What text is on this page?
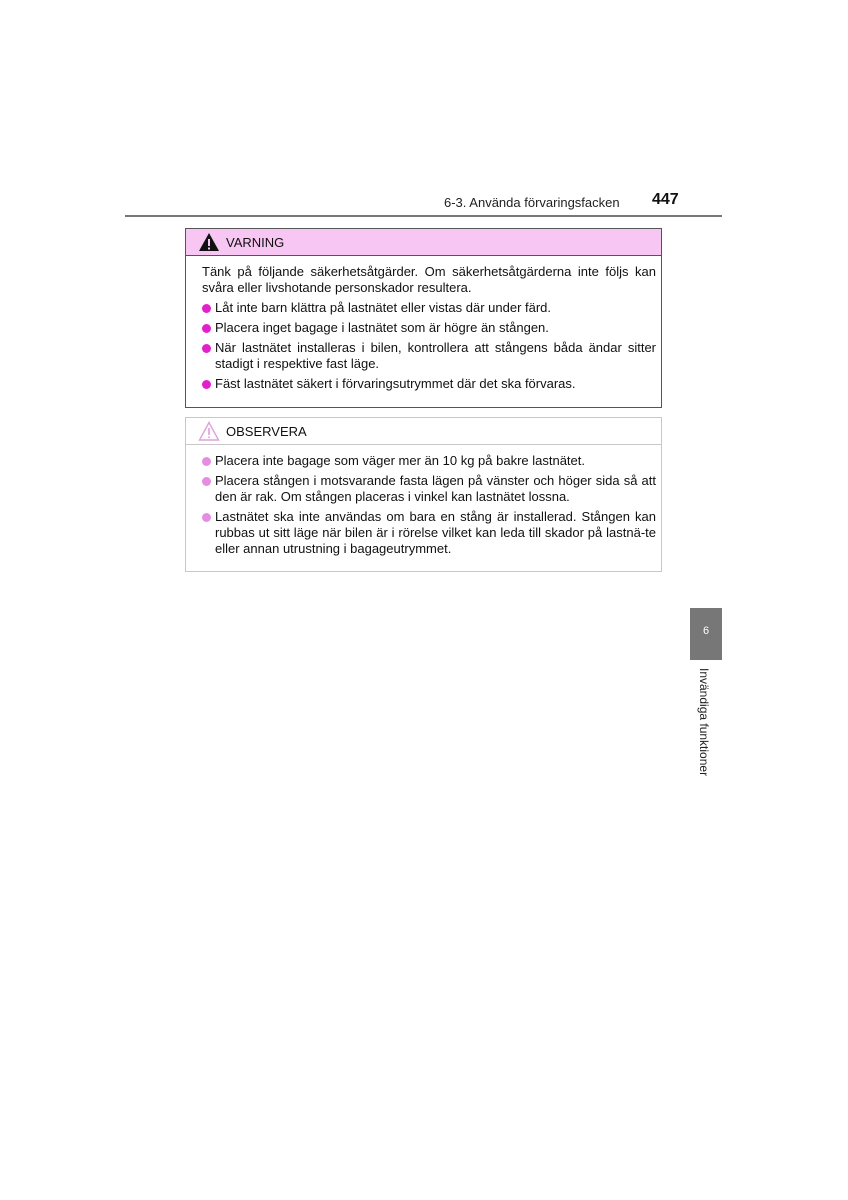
6-3. Använda förvaringsfacken 447
VARNING

Tänk på följande säkerhetsåtgärder. Om säkerhetsåtgärderna inte följs kan svåra eller livshotande personskador resultera.

Låt inte barn klättra på lastnätet eller vistas där under färd.
Placera inget bagage i lastnätet som är högre än stången.
När lastnätet installeras i bilen, kontrollera att stångens båda ändar sitter stadigt i respektive fast läge.
Fäst lastnätet säkert i förvaringsutrymmet där det ska förvaras.
OBSERVERA
Placera inte bagage som väger mer än 10 kg på bakre lastnätet.
Placera stången i motsvarande fasta lägen på vänster och höger sida så att den är rak. Om stången placeras i vinkel kan lastnätet lossna.
Lastnätet ska inte användas om bara en stång är installerad. Stången kan rubbas ut sitt läge när bilen är i rörelse vilket kan leda till skador på lastnä-te eller annan utrustning i bagageutrymmet.
6
Invändiga funktioner
